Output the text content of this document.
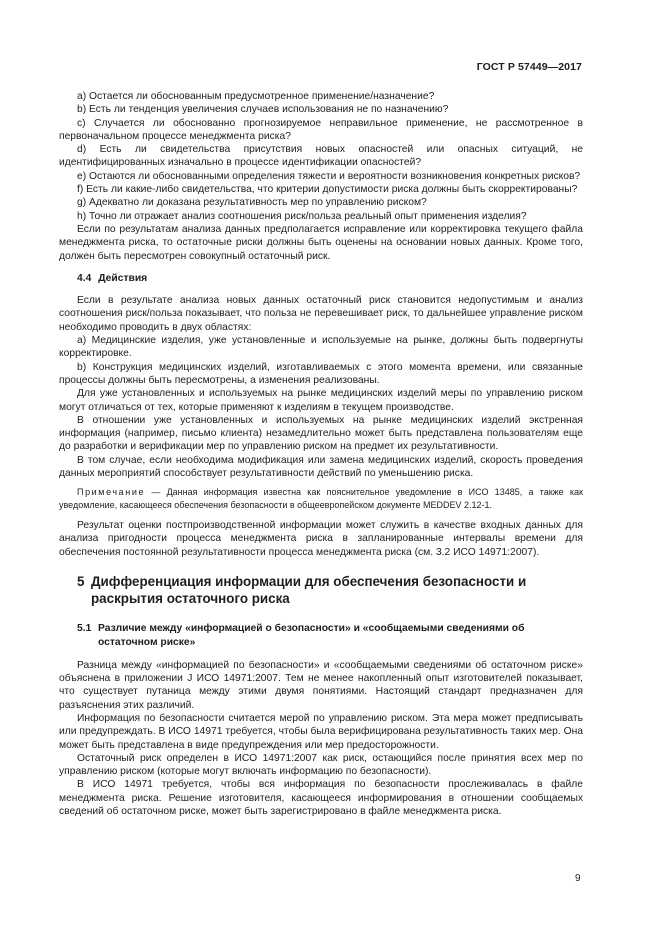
ГОСТ Р 57449—2017

a) Остается ли обоснованным предусмотренное применение/назначение?

b) Есть ли тенденция увеличения случаев использования не по назначению?

c) Случается ли обоснованно прогнозируемое неправильное применение, не рассмотренное в первоначальном процессе менеджмента риска?

d) Есть ли свидетельства присутствия новых опасностей или опасных ситуаций, не идентифицированных изначально в процессе идентификации опасностей?

e) Остаются ли обоснованными определения тяжести и вероятности возникновения конкретных рисков?

f) Есть ли какие-либо свидетельства, что критерии допустимости риска должны быть скорректированы?

g) Адекватно ли доказана результативность мер по управлению риском?

h) Точно ли отражает анализ соотношения риск/польза реальный опыт применения изделия?

Если по результатам анализа данных предполагается исправление или корректировка текущего файла менеджмента риска, то остаточные риски должны быть оценены на основании новых данных. Кроме того, должен быть пересмотрен совокупный остаточный риск.

4.4 Действия

Если в результате анализа новых данных остаточный риск становится недопустимым и анализ соотношения риск/польза показывает, что польза не перевешивает риск, то дальнейшее управление риском необходимо проводить в двух областях:

а) Медицинские изделия, уже установленные и используемые на рынке, должны быть подвергнуты корректировке.

b) Конструкция медицинских изделий, изготавливаемых с этого момента времени, или связанные процессы должны быть пересмотрены, а изменения реализованы.

Для уже установленных и используемых на рынке медицинских изделий меры по управлению риском могут отличаться от тех, которые применяют к изделиям в текущем производстве.

В отношении уже установленных и используемых на рынке медицинских изделий экстренная информация (например, письмо клиента) незамедлительно может быть представлена пользователям еще до разработки и верификации мер по управлению риском на предмет их результативности.

В том случае, если необходима модификация или замена медицинских изделий, скорость проведения данных мероприятий способствует результативности действий по уменьшению риска.

Примечание — Данная информация известна как пояснительное уведомление в ИСО 13485, а также как уведомление, касающееся обеспечения безопасности в общеевропейском документе MEDDEV 2.12-1.

Результат оценки постпроизводственной информации может служить в качестве входных данных для анализа пригодности процесса менеджмента риска в запланированные интервалы времени для обеспечения постоянной результативности процесса менеджмента риска (см. 3.2 ИСО 14971:2007).

5 Дифференциация информации для обеспечения безопасности и раскрытия остаточного риска
5.1 Различие между «информацией о безопасности» и «сообщаемыми сведениями об остаточном риске»

Разница между «информацией по безопасности» и «сообщаемыми сведениями об остаточном риске» объяснена в приложении J ИСО 14971:2007. Тем не менее накопленный опыт изготовителей показывает, что существует путаница между этими двумя понятиями. Настоящий стандарт предназначен для разъяснения этих различий.

Информация по безопасности считается мерой по управлению риском. Эта мера может предписывать или предупреждать. В ИСО 14971 требуется, чтобы была верифицирована результативность таких мер. Она может быть представлена в виде предупреждения или мер предосторожности.

Остаточный риск определен в ИСО 14971:2007 как риск, остающийся после принятия всех мер по управлению риском (которые могут включать информацию по безопасности).

В ИСО 14971 требуется, чтобы вся информация по безопасности прослеживалась в файле менеджмента риска. Решение изготовителя, касающееся информирования в отношении сообщаемых сведений об остаточном риске, может быть зарегистрировано в файле менеджмента риска.

9
